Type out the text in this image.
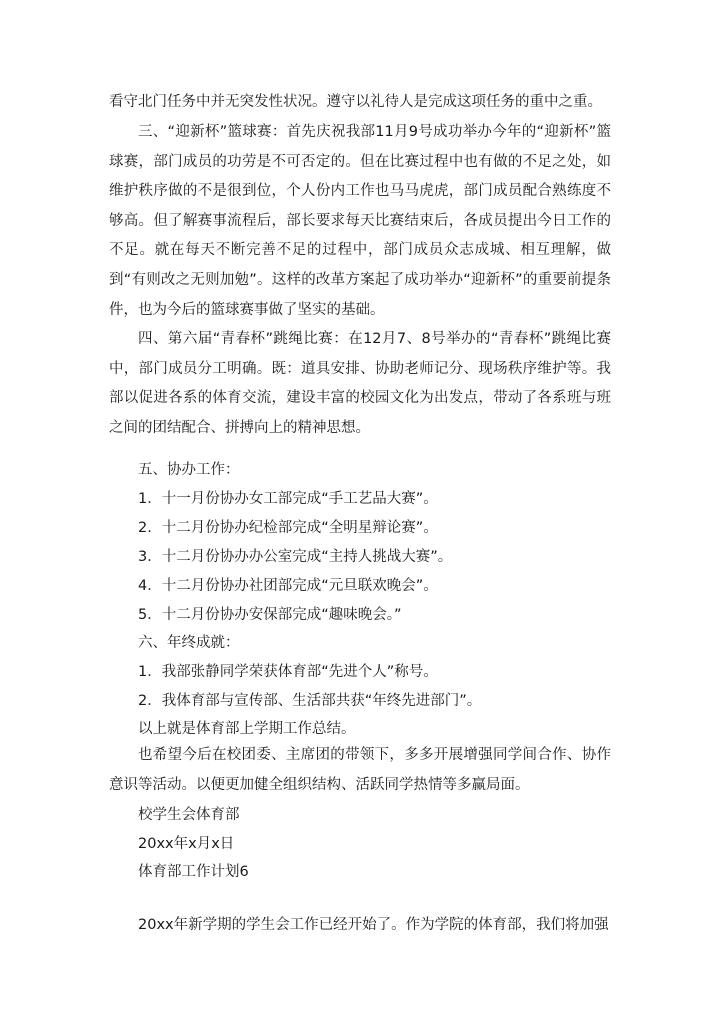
看守北门任务中并无突发性状况。遵守以礼待人是完成这项任务的重中之重。

三、“迎新杯”篮球赛：首先庆祝我部11月9号成功举办今年的“迎新杯”篮球赛，部门成员的功劳是不可否定的。但在比赛过程中也有做的不足之处，如维护秩序做的不是很到位，个人份内工作也马马虎虎，部门成员配合熟练度不够高。但了解赛事流程后，部长要求每天比赛结束后，各成员提出今日工作的不足。就在每天不断完善不足的过程中，部门成员众志成城、相互理解，做到“有则改之无则加勉”。这样的改革方案起了成功举办“迎新杯”的重要前提条件，也为今后的篮球赛事做了坚实的基础。

四、第六届“青春杯”跳绳比赛：在12月7、8号举办的“青春杯”跳绳比赛中，部门成员分工明确。既：道具安排、协助老师记分、现场秩序维护等。我部以促进各系的体育交流，建设丰富的校园文化为出发点，带动了各系班与班之间的团结配合、拼搏向上的精神思想。

五、协办工作：

1．十一月份协办女工部完成“手工艺品大赛”。

2．十二月份协办纪检部完成“全明星辩论赛”。

3．十二月份协办办公室完成“主持人挑战大赛”。

4．十二月份协办社团部完成“元旦联欢晚会”。

5．十二月份协办安保部完成“趣味晚会。”

六、年终成就：

1．我部张静同学荣获体育部“先进个人”称号。

2．我体育部与宣传部、生活部共获“年终先进部门”。

以上就是体育部上学期工作总结。

也希望今后在校团委、主席团的带领下，多多开展增强同学间合作、协作意识等活动。以便更加健全组织结构、活跃同学热情等多赢局面。

校学生会体育部

20xx年x月x日

体育部工作计划6

20xx年新学期的学生会工作已经开始了。作为学院的体育部，我们将加强
